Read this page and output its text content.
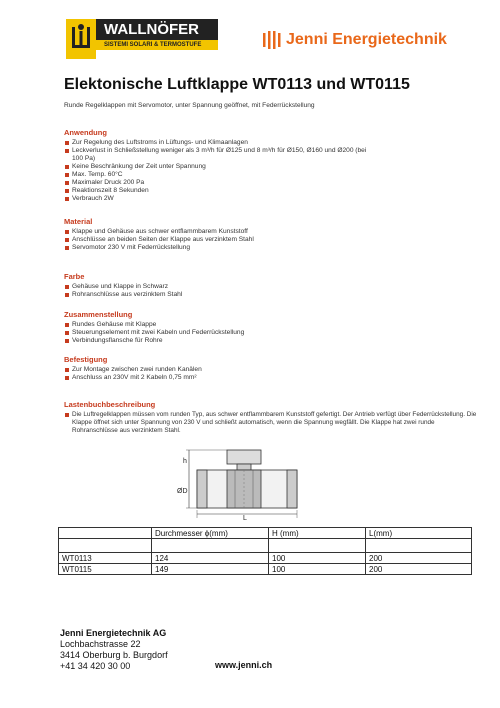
WALLNÖFER
SISTEMI SOLARI & TERMOSTUFE	Jenni Energietechnik
Elektonische Luftklappe WT0113 und WT0115
Runde Regelklappen mit Servomotor, unter Spannung geöffnet, mit Federrückstellung
Anwendung
Zur Regelung des Luftstroms in Lüftungs- und Klimaanlagen
Leckverlust in Schließstellung weniger als 3 m³/h für Ø125 und 8 m³/h für Ø150, Ø160 und Ø200 (bei 100 Pa)
Keine Beschränkung der Zeit unter Spannung
Max. Temp. 60°C
Maximaler Druck 200 Pa
Reaktionszeit 8 Sekunden
Verbrauch 2W
Material
Klappe und Gehäuse aus schwer entflammbarem Kunststoff
Anschlüsse an beiden Seiten der Klappe aus verzinktem Stahl
Servomotor 230 V mit Federrückstellung
Farbe
Gehäuse und Klappe in Schwarz
Rohranschlüsse aus verzinktem Stahl
Zusammenstellung
Rundes Gehäuse mit Klappe
Steuerungselement mit zwei Kabeln und Federrückstellung
Verbindungsflansche für Rohre
Befestigung
Zur Montage zwischen zwei runden Kanälen
Anschluss an 230V mit 2 Kabeln 0,75 mm²
Lastenbuchbeschreibung
Die Luftregelklappen müssen vom runden Typ, aus schwer entflammbarem Kunststoff gefertigt. Der Antrieb verfügt über Federrückstellung. Die Klappe öffnet sich unter Spannung von 230 V und schließt automatisch, wenn die Spannung wegfällt. Die Klappe hat zwei runde Rohranschlüsse aus verzinktem Stahl.
h
ØD
L
	Durchmesser ϕ(mm)	H (mm)	L(mm)

WT0113	124	100	200
WT0115	149	100	200
Jenni Energietechnik AG
Lochbachstrasse 22
3414 Oberburg b. Burgdorf
+41 34 420 30 00	www.jenni.ch
